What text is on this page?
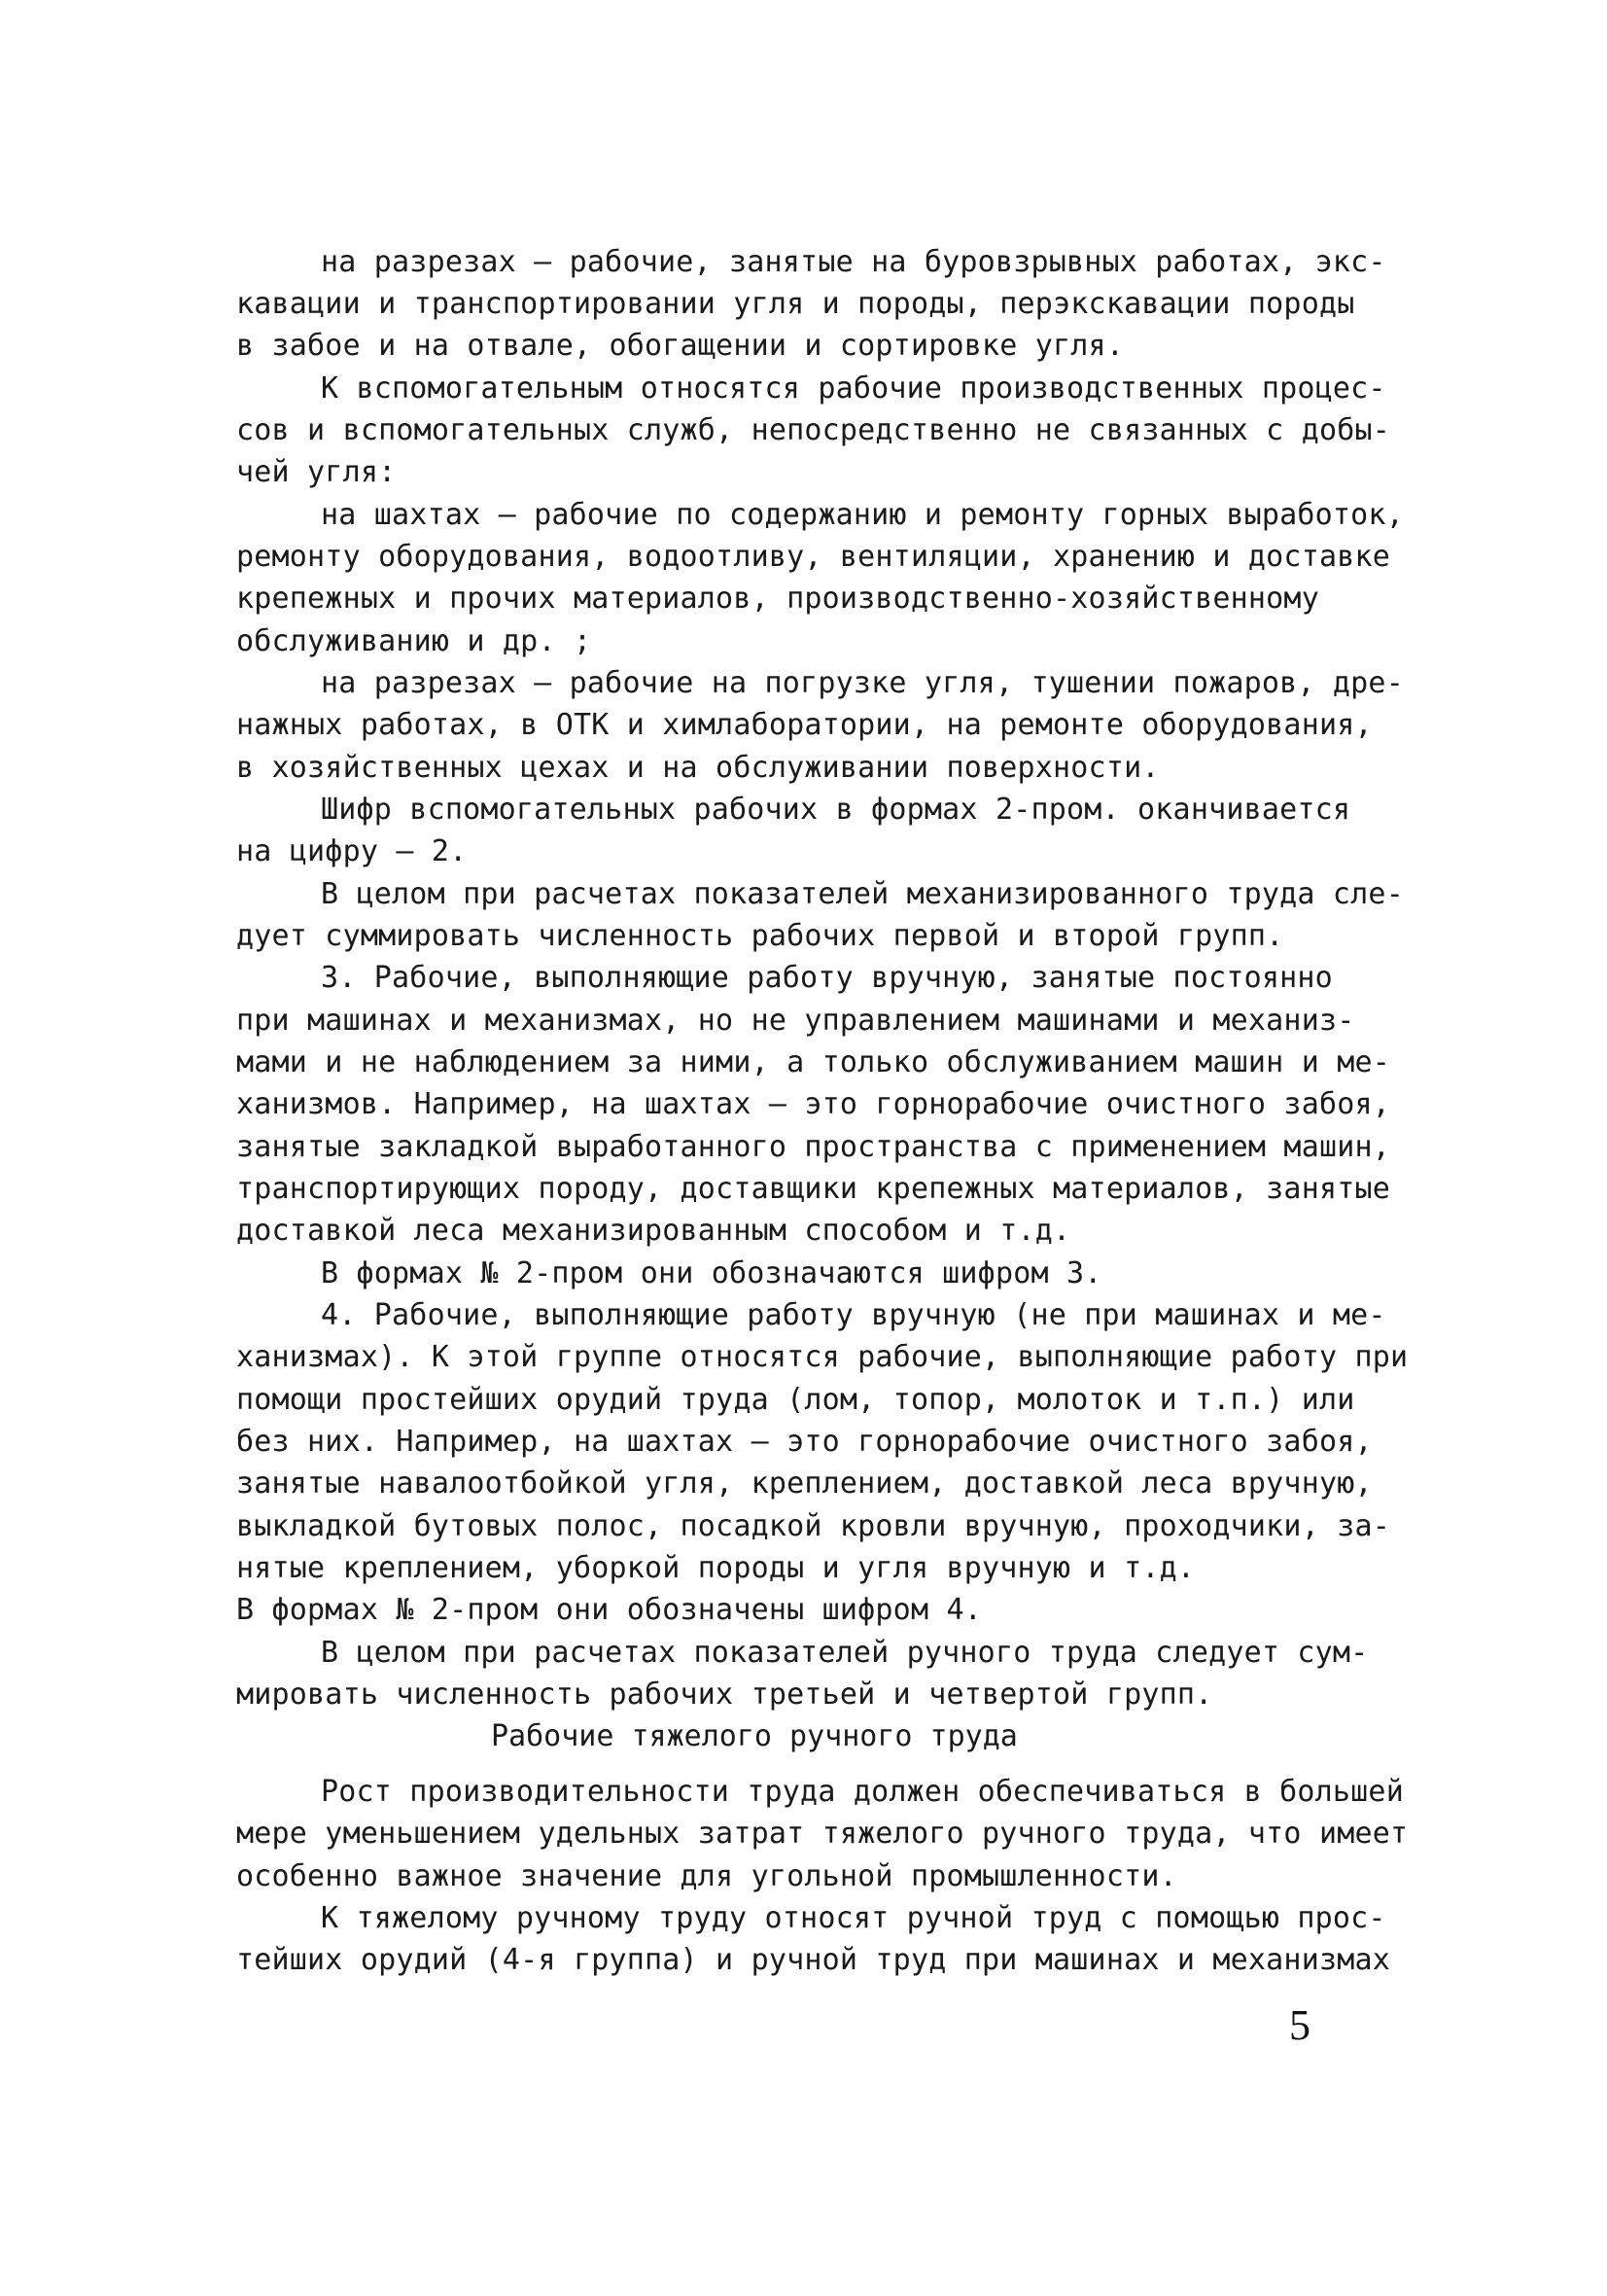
на разрезах – рабочие, занятые на буровзрывных работах, экс-
кавации и транспортировании угля и породы, перэкскавации породы
в забое и на отвале, обогащении и сортировке угля.
К вспомогательным относятся рабочие производственных процес-
сов и вспомогательных служб, непосредственно не связанных с добы-
чей угля:
на шахтах – рабочие по содержанию и ремонту горных выработок,
ремонту оборудования, водоотливу, вентиляции, хранению и доставке
крепежных и прочих материалов, производственно-хозяйственному
обслуживанию и др. ;
на разрезах – рабочие на погрузке угля, тушении пожаров, дре-
нажных работах, в ОТК и химлаборатории, на ремонте оборудования,
в хозяйственных цехах и на обслуживании поверхности.
Шифр вспомогательных рабочих в формах 2-пром. оканчивается
на цифру – 2.
В целом при расчетах показателей механизированного труда сле-
дует суммировать численность рабочих первой и второй групп.
3. Рабочие, выполняющие работу вручную, занятые постоянно
при машинах и механизмах, но не управлением машинами и механиз-
мами и не наблюдением за ними, а только обслуживанием машин и ме-
ханизмов. Например, на шахтах – это горнорабочие очистного забоя,
занятые закладкой выработанного пространства с применением машин,
транспортирующих породу, доставщики крепежных материалов, занятые
доставкой леса механизированным способом и т.д.
В формах № 2-пром они обозначаются шифром 3.
4. Рабочие, выполняющие работу вручную (не при машинах и ме-
ханизмах). К этой группе относятся рабочие, выполняющие работу при
помощи простейших орудий труда (лом, топор, молоток и т.п.) или
без них. Например, на шахтах – это горнорабочие очистного забоя,
занятые навалоотбойкой угля, креплением, доставкой леса вручную,
выкладкой бутовых полос, посадкой кровли вручную, проходчики, за-
нятые креплением, уборкой породы и угля вручную и т.д.
В формах № 2-пром они обозначены шифром 4.
В целом при расчетах показателей ручного труда следует сум-
мировать численность рабочих третьей и четвертой групп.
Рабочие тяжелого ручного труда
Рост производительности труда должен обеспечиваться в большей
мере уменьшением удельных затрат тяжелого ручного труда, что имеет
особенно важное значение для угольной промышленности.
К тяжелому ручному труду относят ручной труд с помощью прос-
тейших орудий (4-я группа) и ручной труд при машинах и механизмах
5
